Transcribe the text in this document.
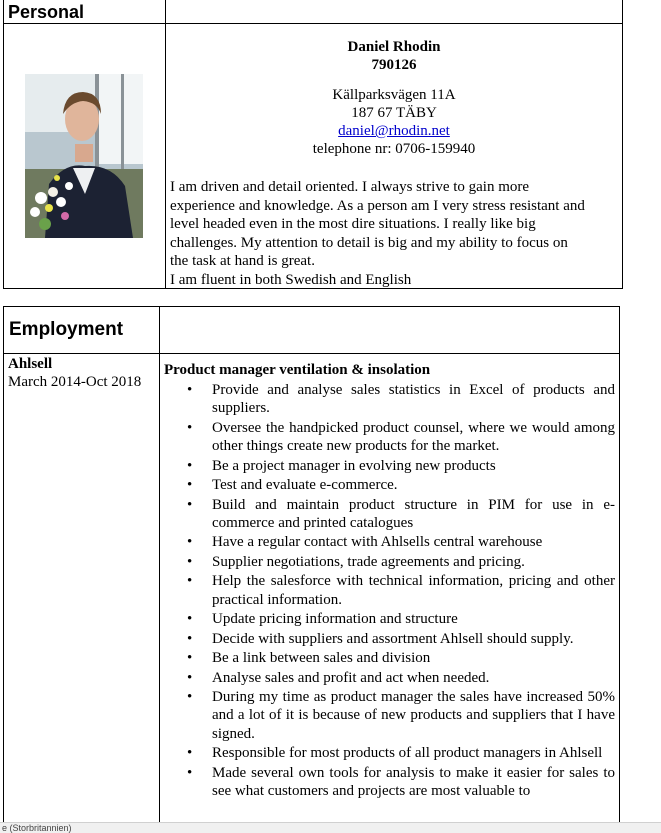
Personal
Daniel Rhodin
790126
Källparksvägen 11A
187 67 TÄBY
daniel@rhodin.net
telephone nr: 0706-159940
I am driven and detail oriented. I always strive to gain more
experience and knowledge. As a person am I very stress resistant and
level headed even in the most dire situations. I really like big
challenges. My attention to detail is big and my ability to focus on
the task at hand is great.
I am fluent in both Swedish and English
Employment
Ahlsell
March 2014-Oct 2018
Product manager ventilation & insolation
• Provide and analyse sales statistics in Excel of products and suppliers.
• Oversee the handpicked product counsel, where we would among other things create new products for the market.
• Be a project manager in evolving new products
• Test and evaluate e-commerce.
• Build and maintain product structure in PIM for use in e-commerce and printed catalogues
• Have a regular contact with Ahlsells central warehouse
• Supplier negotiations, trade agreements and pricing.
• Help the salesforce with technical information, pricing and other practical information.
• Update pricing information and structure
• Decide with suppliers and assortment Ahlsell should supply.
• Be a link between sales and division
• Analyse sales and profit and act when needed.
• During my time as product manager the sales have increased 50% and a lot of it is because of new products and suppliers that I have signed.
• Responsible for most products of all product managers in Ahlsell
• Made several own tools for analysis to make it easier for sales to see what customers and projects are most valuable to
e (Storbritannien)
